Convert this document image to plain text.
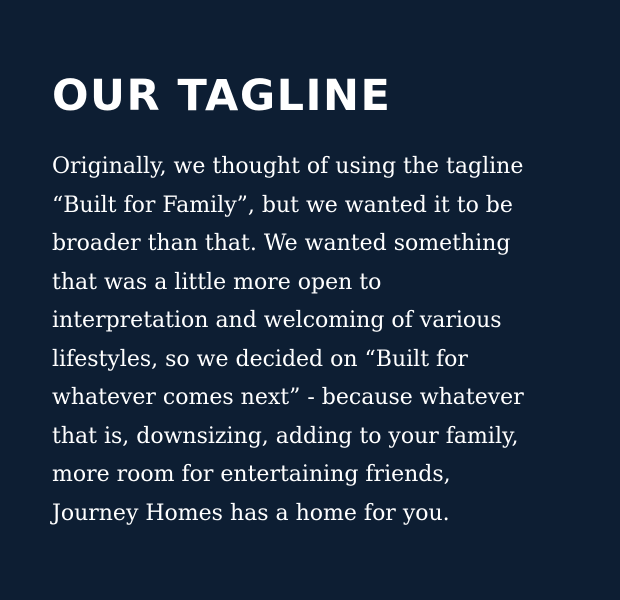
OUR TAGLINE

Originally, we thought of using the tagline
“Built for Family”, but we wanted it to be
broader than that. We wanted something
that was a little more open to
interpretation and welcoming of various
lifestyles, so we decided on “Built for
whatever comes next” - because whatever
that is, downsizing, adding to your family,
more room for entertaining friends,
Journey Homes has a home for you.
